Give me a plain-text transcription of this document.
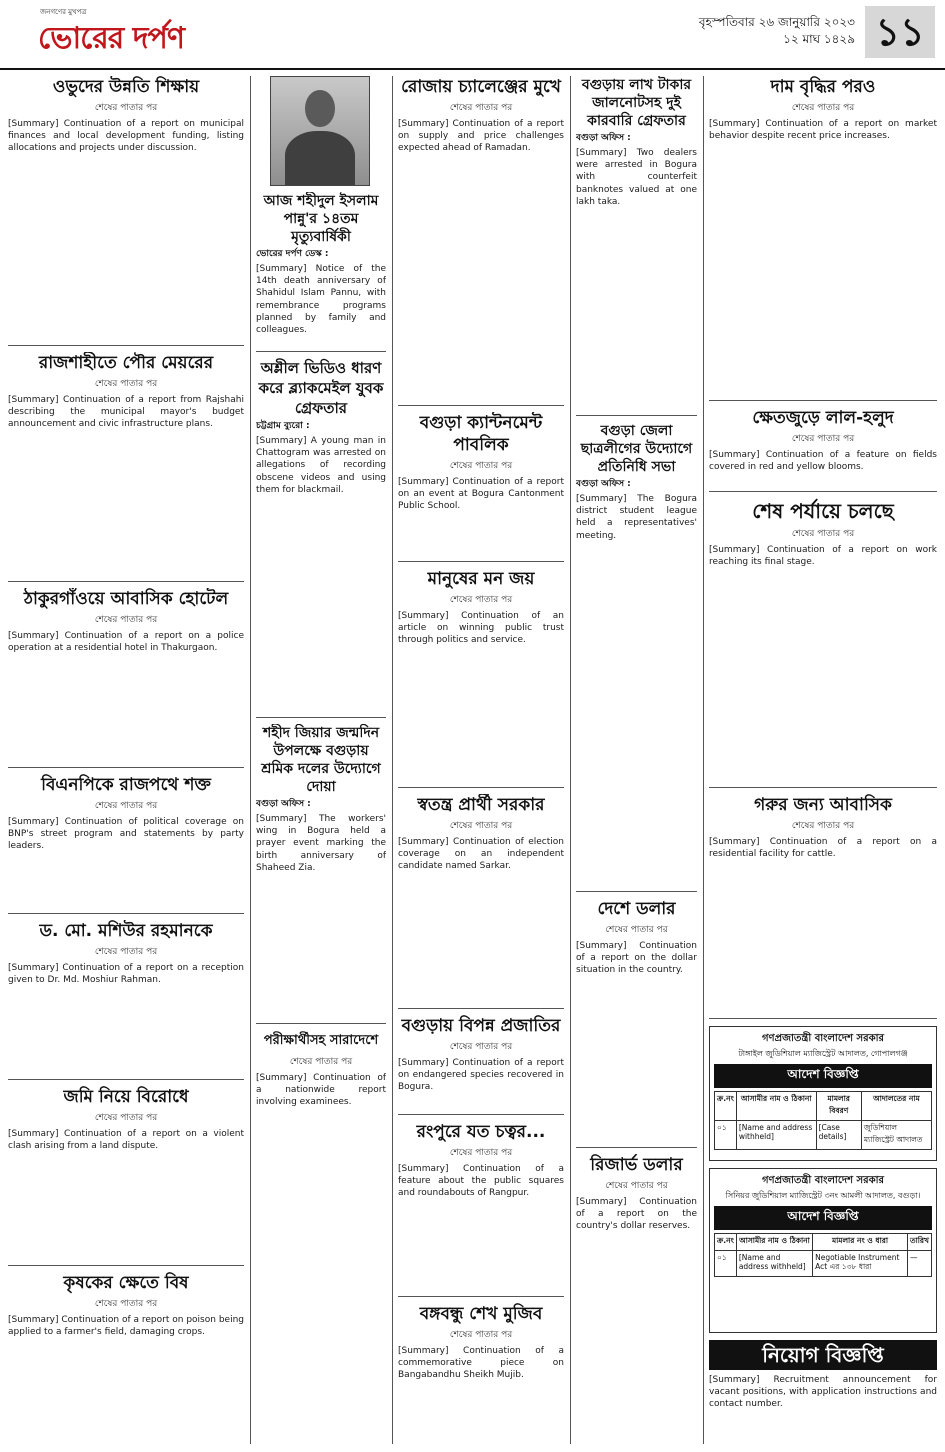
জনগণের মুখপত্র
ভোরের দর্পণ	বৃহস্পতিবার ২৬ জানুয়ারি ২০২৩
১২ মাঘ ১৪২৯ ১১
ওভুদের উন্নতি শিক্ষায়
শেষের পাতার পর
[Summary] Continuation of a report on municipal finances and local development funding, listing allocations and projects under discussion.
রাজশাহীতে পৌর মেয়রের
শেষের পাতার পর
[Summary] Continuation of a report from Rajshahi describing the municipal mayor's budget announcement and civic infrastructure plans.
ঠাকুরগাঁওয়ে আবাসিক হোটেল
শেষের পাতার পর
[Summary] Continuation of a report on a police operation at a residential hotel in Thakurgaon.
বিএনপিকে রাজপথে শক্ত
শেষের পাতার পর
[Summary] Continuation of political coverage on BNP's street program and statements by party leaders.
ড. মো. মশিউর রহমানকে
শেষের পাতার পর
[Summary] Continuation of a report on a reception given to Dr. Md. Moshiur Rahman.
জমি নিয়ে বিরোধে
শেষের পাতার পর
[Summary] Continuation of a report on a violent clash arising from a land dispute.
কৃষকের ক্ষেতে বিষ
শেষের পাতার পর
[Summary] Continuation of a report on poison being applied to a farmer's field, damaging crops.
আজ শহীদুল ইসলাম পান্নু'র ১৪তম মৃত্যুবার্ষিকী
ভোরের দর্পণ ডেস্ক :
[Summary] Notice of the 14th death anniversary of Shahidul Islam Pannu, with remembrance programs planned by family and colleagues.
অশ্লীল ভিডিও ধারণ করে ব্ল্যাকমেইল যুবক গ্রেফতার
চট্টগ্রাম ব্যুরো :
[Summary] A young man in Chattogram was arrested on allegations of recording obscene videos and using them for blackmail.
শহীদ জিয়ার জন্মদিন উপলক্ষে বগুড়ায় শ্রমিক দলের উদ্যোগে দোয়া
বগুড়া অফিস :
[Summary] The workers' wing in Bogura held a prayer event marking the birth anniversary of Shaheed Zia.
পরীক্ষার্থীসহ সারাদেশে
শেষের পাতার পর
[Summary] Continuation of a nationwide report involving examinees.
রোজায় চ্যালেঞ্জের মুখে
শেষের পাতার পর
[Summary] Continuation of a report on supply and price challenges expected ahead of Ramadan.
বগুড়া ক্যান্টনমেন্ট পাবলিক
শেষের পাতার পর
[Summary] Continuation of a report on an event at Bogura Cantonment Public School.
মানুষের মন জয়
শেষের পাতার পর
[Summary] Continuation of an article on winning public trust through politics and service.
স্বতন্ত্র প্রার্থী সরকার
শেষের পাতার পর
[Summary] Continuation of election coverage on an independent candidate named Sarkar.
বগুড়ায় বিপন্ন প্রজাতির
শেষের পাতার পর
[Summary] Continuation of a report on endangered species recovered in Bogura.
রংপুরে যত চত্বর...
শেষের পাতার পর
[Summary] Continuation of a feature about the public squares and roundabouts of Rangpur.
বঙ্গবন্ধু শেখ মুজিব
শেষের পাতার পর
[Summary] Continuation of a commemorative piece on Bangabandhu Sheikh Mujib.
বগুড়ায় লাখ টাকার জালনোটসহ দুই কারবারি গ্রেফতার
বগুড়া অফিস :
[Summary] Two dealers were arrested in Bogura with counterfeit banknotes valued at one lakh taka.
বগুড়া জেলা ছাত্রলীগের উদ্যোগে প্রতিনিধি সভা
বগুড়া অফিস :
[Summary] The Bogura district student league held a representatives' meeting.
দেশে ডলার
শেষের পাতার পর
[Summary] Continuation of a report on the dollar situation in the country.
রিজার্ভ ডলার
শেষের পাতার পর
[Summary] Continuation of a report on the country's dollar reserves.
দাম বৃদ্ধির পরও
শেষের পাতার পর
[Summary] Continuation of a report on market behavior despite recent price increases.
ক্ষেতজুড়ে লাল-হলুদ
শেষের পাতার পর
[Summary] Continuation of a feature on fields covered in red and yellow blooms.
শেষ পর্যায়ে চলছে
শেষের পাতার পর
[Summary] Continuation of a report on work reaching its final stage.
গরুর জন্য আবাসিক
শেষের পাতার পর
[Summary] Continuation of a report on a residential facility for cattle.
গণপ্রজাতন্ত্রী বাংলাদেশ সরকার
টাঙ্গাইল জুডিশিয়াল ম্যাজিস্ট্রেট আদালত, গোপালগঞ্জ
আদেশ বিজ্ঞপ্তি
ক্র.নং	আসামীর নাম ও ঠিকানা	মামলার বিবরণ	আদালতের নাম
০১	[Name and address withheld]	[Case details]	জুডিশিয়াল ম্যাজিস্ট্রেট আদালত
গণপ্রজাতন্ত্রী বাংলাদেশ সরকার
সিনিয়র জুডিশিয়াল ম্যাজিস্ট্রেট ৩নং আমলী আদালত, বগুড়া।
আদেশ বিজ্ঞপ্তি
ক্র.নং	আসামীর নাম ও ঠিকানা	মামলার নং ও ধারা	তারিখ
০১	[Name and address withheld]	Negotiable Instrument Act এর ১৩৮ ধারা	—
নিয়োগ বিজ্ঞপ্তি
[Summary] Recruitment announcement for vacant positions, with application instructions and contact number.
